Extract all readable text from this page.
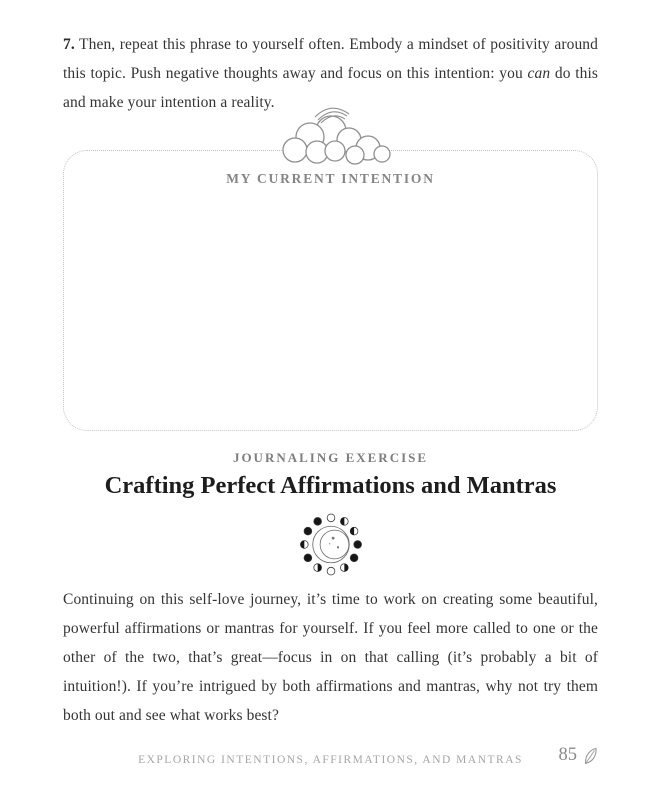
7. Then, repeat this phrase to yourself often. Embody a mindset of positivity around this topic. Push negative thoughts away and focus on this intention: you can do this and make your intention a reality.

MY CURRENT INTENTION
JOURNALING EXERCISE
Crafting Perfect Affirmations and Mantras

Continuing on this self-love journey, it’s time to work on creating some beautiful, powerful affirmations or mantras for yourself. If you feel more called to one or the other of the two, that’s great—focus in on that calling (it’s probably a bit of intuition!). If you’re intrigued by both affirmations and mantras, why not try them both out and see what works best?

EXPLORING INTENTIONS, AFFIRMATIONS, AND MANTRAS	85
